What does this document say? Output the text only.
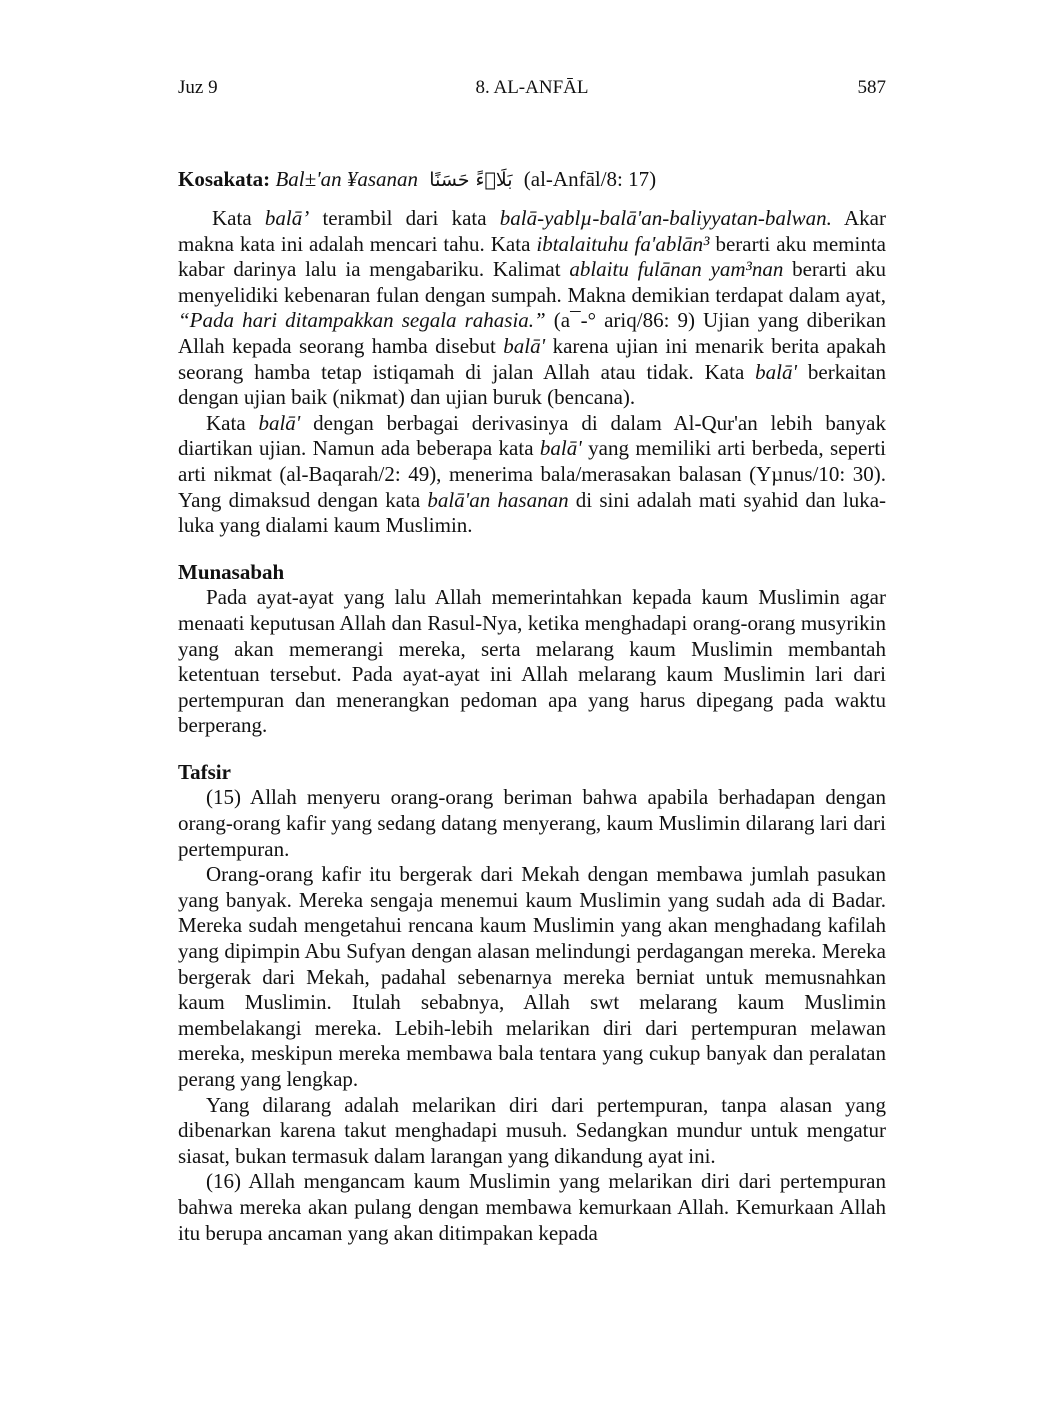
Juz 9	8. AL-ANFĀL	587
Kosakata: Bal±'an ¥asanan بَلَاۤءً حَسَنًا (al-Anfāl/8: 17)

Kata balā’ terambil dari kata balā-yablµ-balā'an-baliyyatan-balwan. Akar makna kata ini adalah mencari tahu. Kata ibtalaituhu fa'ablān³ berarti aku meminta kabar darinya lalu ia mengabariku. Kalimat ablaitu fulānan yam³nan berarti aku menyelidiki kebenaran fulan dengan sumpah. Makna demikian terdapat dalam ayat, “Pada hari ditampakkan segala rahasia.” (a¯-° ariq/86: 9) Ujian yang diberikan Allah kepada seorang hamba disebut balā' karena ujian ini menarik berita apakah seorang hamba tetap istiqamah di jalan Allah atau tidak. Kata balā' berkaitan dengan ujian baik (nikmat) dan ujian buruk (bencana).

Kata balā' dengan berbagai derivasinya di dalam Al-Qur'an lebih banyak diartikan ujian. Namun ada beberapa kata balā' yang memiliki arti berbeda, seperti arti nikmat (al-Baqarah/2: 49), menerima bala/merasakan balasan (Yµnus/10: 30). Yang dimaksud dengan kata balā'an hasanan di sini adalah mati syahid dan luka-luka yang dialami kaum Muslimin.

Munasabah

Pada ayat-ayat yang lalu Allah memerintahkan kepada kaum Muslimin agar menaati keputusan Allah dan Rasul-Nya, ketika menghadapi orang-orang musyrikin yang akan memerangi mereka, serta melarang kaum Muslimin membantah ketentuan tersebut. Pada ayat-ayat ini Allah melarang kaum Muslimin lari dari pertempuran dan menerangkan pedoman apa yang harus dipegang pada waktu berperang.

Tafsir

(15) Allah menyeru orang-orang beriman bahwa apabila berhadapan dengan orang-orang kafir yang sedang datang menyerang, kaum Muslimin dilarang lari dari pertempuran.

Orang-orang kafir itu bergerak dari Mekah dengan membawa jumlah pasukan yang banyak. Mereka sengaja menemui kaum Muslimin yang sudah ada di Badar. Mereka sudah mengetahui rencana kaum Muslimin yang akan menghadang kafilah yang dipimpin Abu Sufyan dengan alasan melindungi perdagangan mereka. Mereka bergerak dari Mekah, padahal sebenarnya mereka berniat untuk memusnahkan kaum Muslimin. Itulah sebabnya, Allah swt melarang kaum Muslimin membelakangi mereka. Lebih-lebih melarikan diri dari pertempuran melawan mereka, meskipun mereka membawa bala tentara yang cukup banyak dan peralatan perang yang lengkap.

Yang dilarang adalah melarikan diri dari pertempuran, tanpa alasan yang dibenarkan karena takut menghadapi musuh. Sedangkan mundur untuk mengatur siasat, bukan termasuk dalam larangan yang dikandung ayat ini.

(16) Allah mengancam kaum Muslimin yang melarikan diri dari pertempuran bahwa mereka akan pulang dengan membawa kemurkaan Allah. Kemurkaan Allah itu berupa ancaman yang akan ditimpakan kepada
